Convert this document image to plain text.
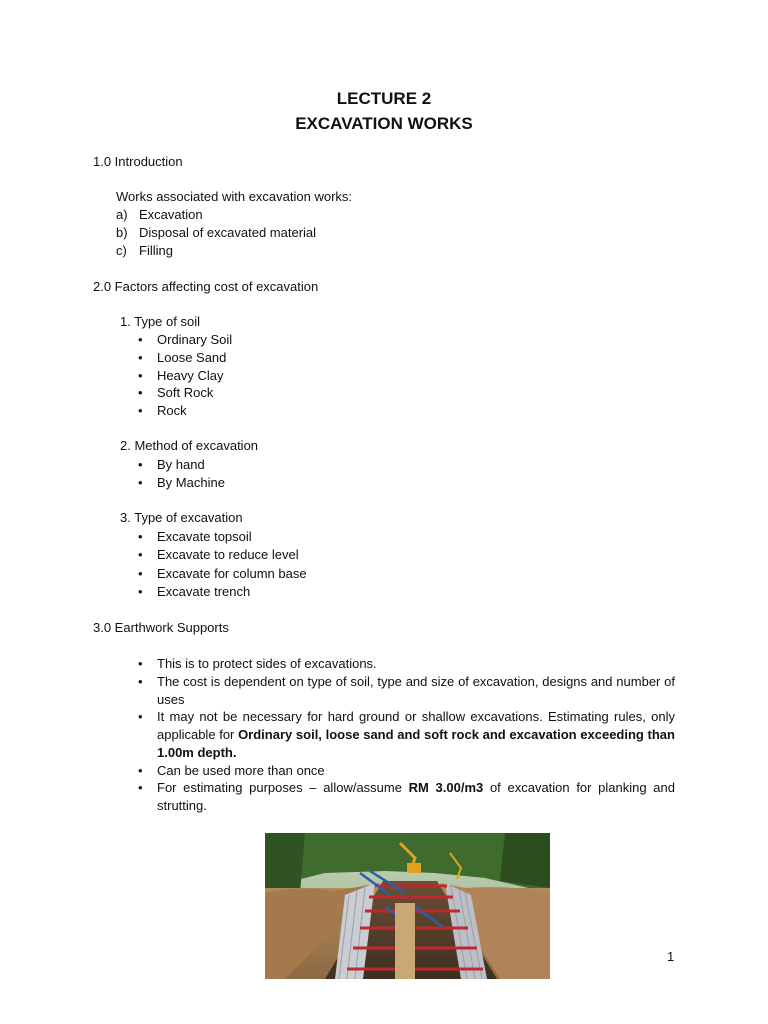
LECTURE 2
EXCAVATION WORKS
1.0 Introduction
Works associated with excavation works:
a) Excavation
b) Disposal of excavated material
c) Filling
2.0 Factors affecting cost of excavation
1. Type of soil
• Ordinary Soil
• Loose Sand
• Heavy Clay
• Soft Rock
• Rock
2. Method of excavation
• By hand
• By Machine
3. Type of excavation
• Excavate topsoil
• Excavate to reduce level
• Excavate for column base
• Excavate trench
3.0 Earthwork Supports
• This is to protect sides of excavations.
• The cost is dependent on type of soil, type and size of excavation, designs and number of uses
• It may not be necessary for hard ground or shallow excavations. Estimating rules, only applicable for Ordinary soil, loose sand and soft rock and excavation exceeding than 1.00m depth.
• Can be used more than once
• For estimating purposes – allow/assume RM 3.00/m3 of excavation for planking and strutting.
1
